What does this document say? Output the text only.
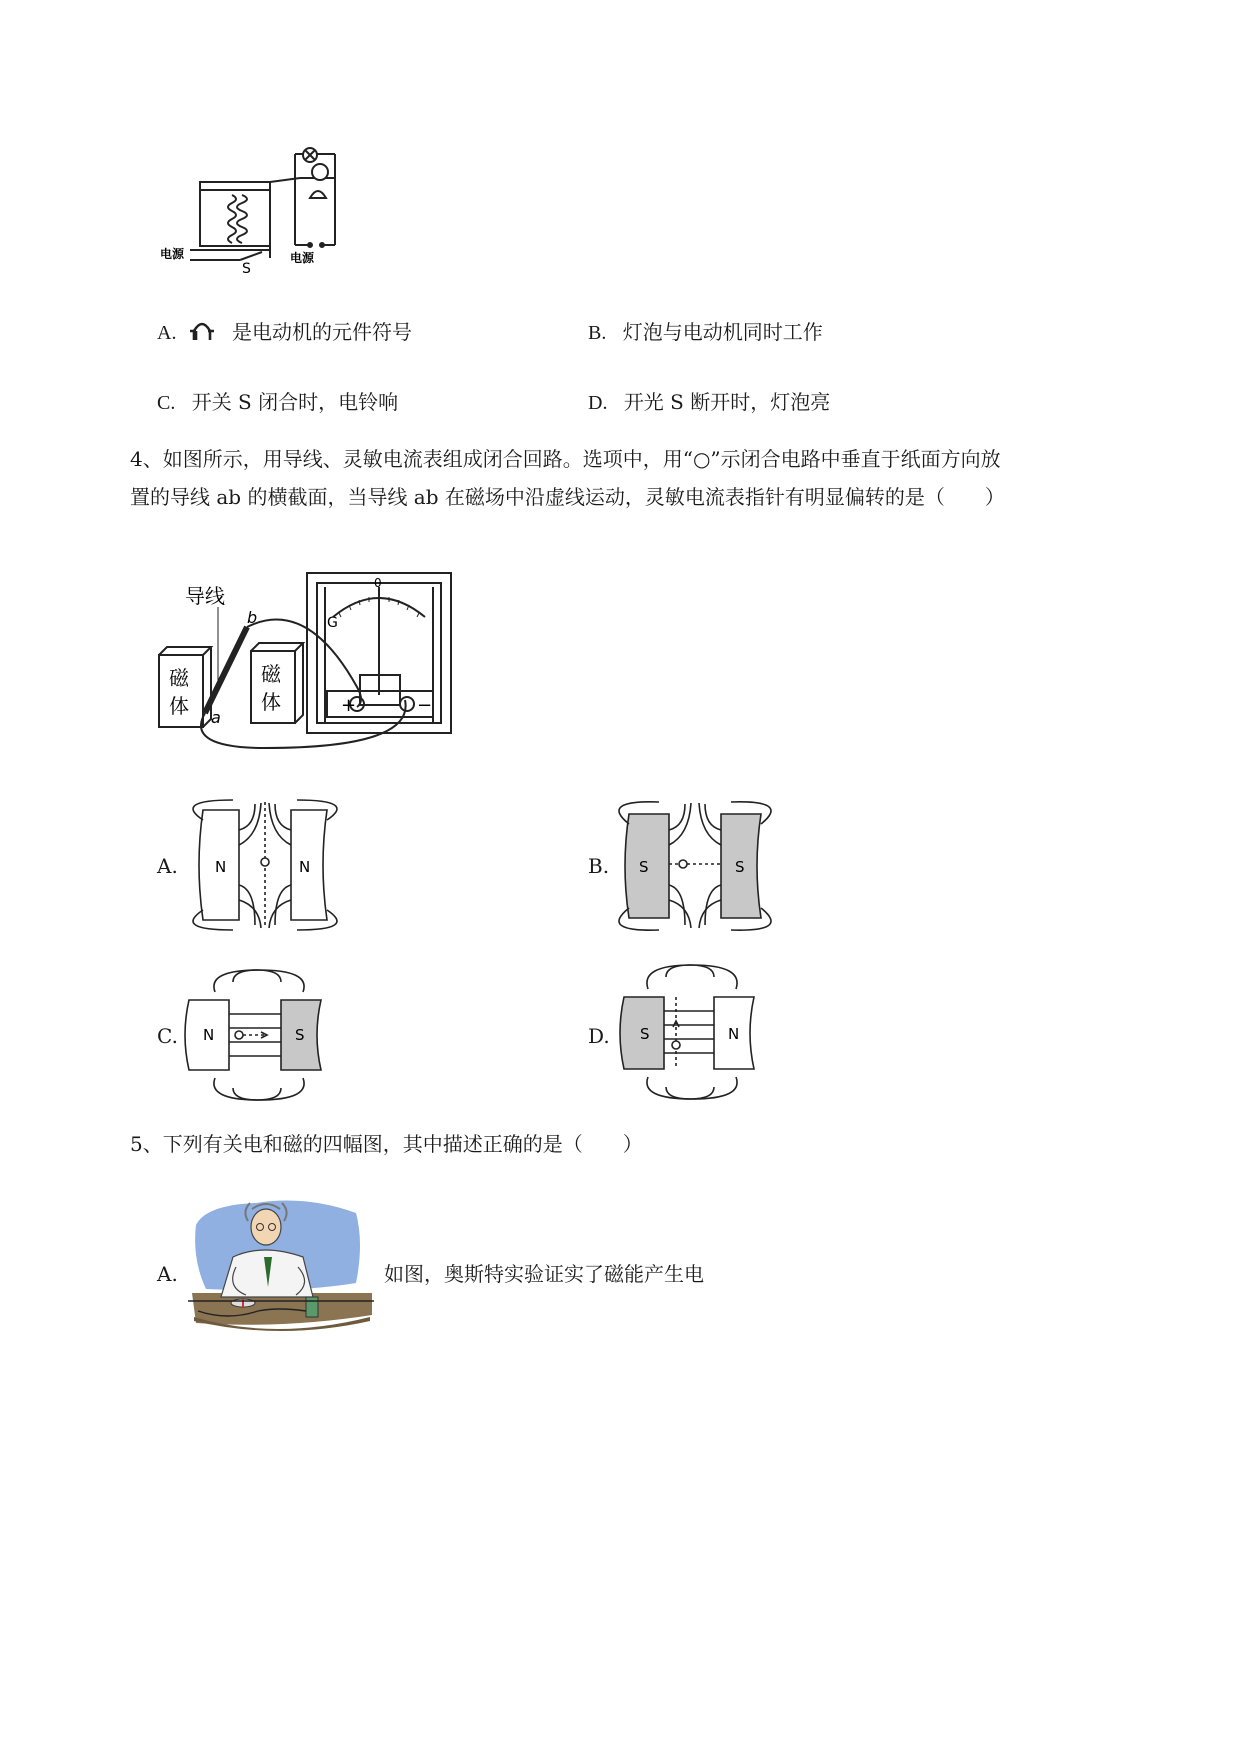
电源
S
电源
A.	是电动机的元件符号	B. 灯泡与电动机同时工作
C. 开关 S 闭合时，电铃响	D. 开光 S 断开时，灯泡亮
4、如图所示，用导线、灵敏电流表组成闭合回路。选项中，用“○”示闭合电路中垂直于纸面方向放
置的导线 ab 的横截面，当导线 ab 在磁场中沿虚线运动，灵敏电流表指针有明显偏转的是（　　）
导线
磁
体
磁
体
a
b
0
G
+	−
A. N	N	B. S	S
C. N	S	D. S	N
5、下列有关电和磁的四幅图，其中描述正确的是（　　）
A.	如图，奥斯特实验证实了磁能产生电
